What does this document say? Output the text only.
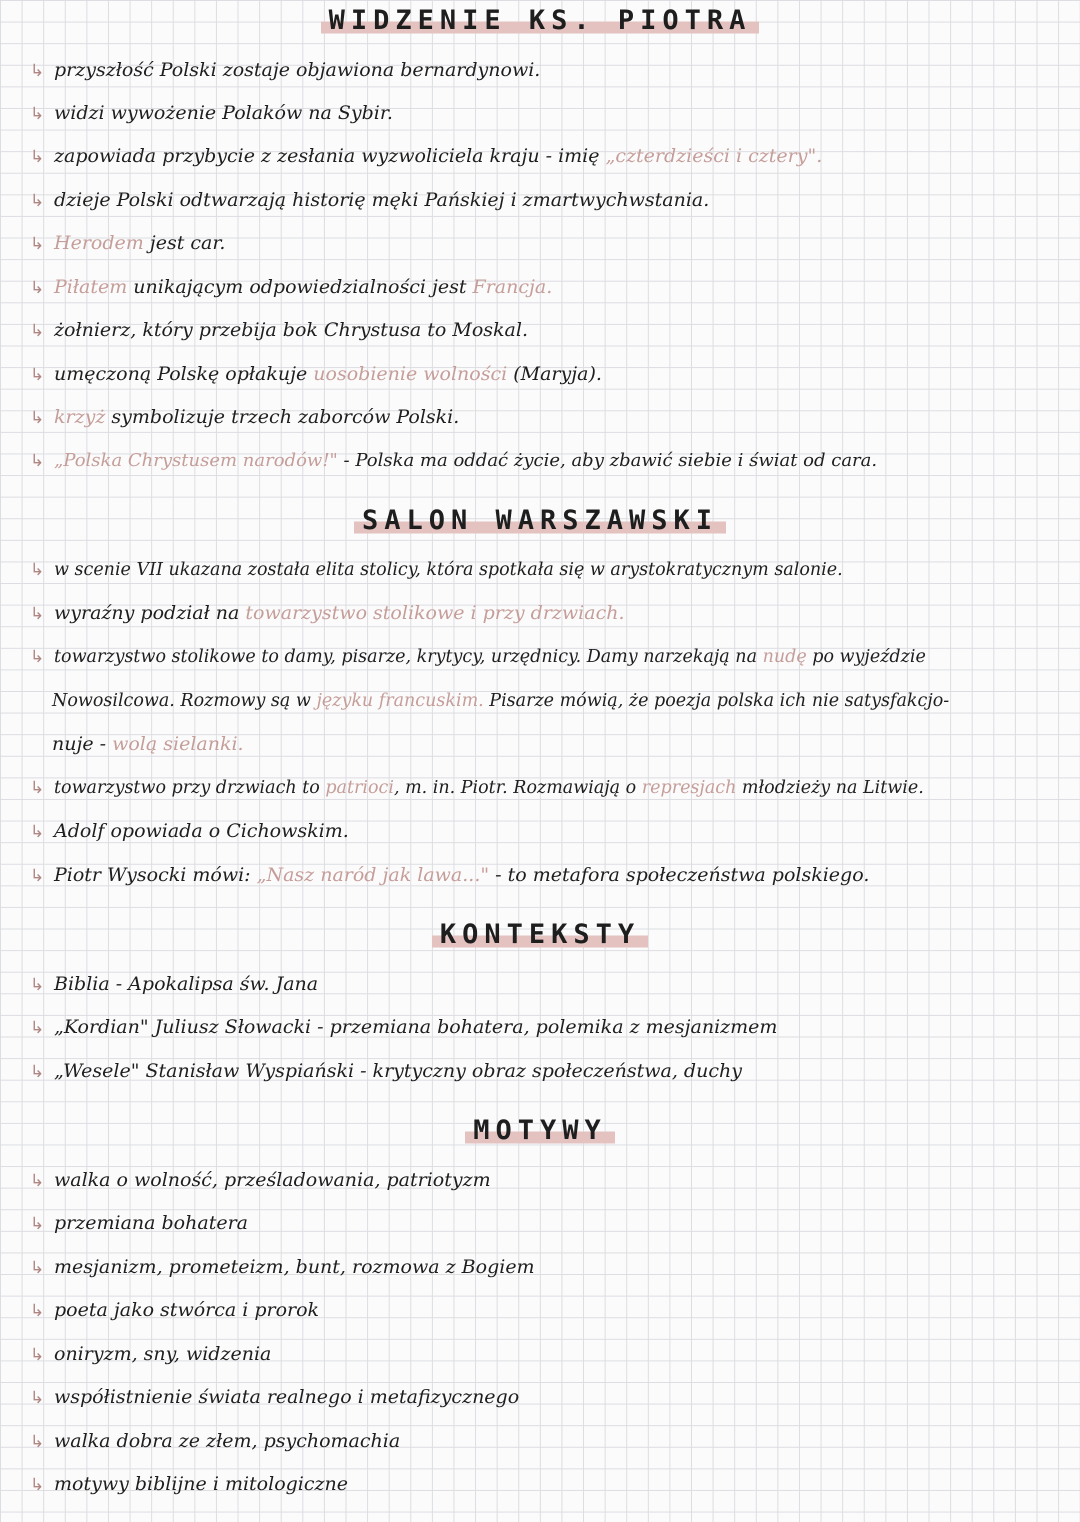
WIDZENIE KS. PIOTRA
↳ przyszłość Polski zostaje objawiona bernardynowi.
↳ widzi wywożenie Polaków na Sybir.
↳ zapowiada przybycie z zesłania wyzwoliciela kraju - imię „czterdzieści i cztery".
↳ dzieje Polski odtwarzają historię męki Pańskiej i zmartwychwstania.
↳ Herodem jest car.
↳ Piłatem unikającym odpowiedzialności jest Francja.
↳ żołnierz, który przebija bok Chrystusa to Moskal.
↳ umęczoną Polskę opłakuje uosobienie wolności (Maryja).
↳ krzyż symbolizuje trzech zaborców Polski.
↳ „Polska Chrystusem narodów!" - Polska ma oddać życie, aby zbawić siebie i świat od cara.
SALON WARSZAWSKI
↳ w scenie VII ukazana została elita stolicy, która spotkała się w arystokratycznym salonie.
↳ wyraźny podział na towarzystwo stolikowe i przy drzwiach.
↳ towarzystwo stolikowe to damy, pisarze, krytycy, urzędnicy. Damy narzekają na nudę po wyjeździe
Nowosilcowa. Rozmowy są w języku francuskim. Pisarze mówią, że poezja polska ich nie satysfakcjo-
nuje - wolą sielanki.
↳ towarzystwo przy drzwiach to patrioci, m. in. Piotr. Rozmawiają o represjach młodzieży na Litwie.
↳ Adolf opowiada o Cichowskim.
↳ Piotr Wysocki mówi: „Nasz naród jak lawa..." - to metafora społeczeństwa polskiego.
KONTEKSTY
↳ Biblia - Apokalipsa św. Jana
↳ „Kordian" Juliusz Słowacki - przemiana bohatera, polemika z mesjanizmem
↳ „Wesele" Stanisław Wyspiański - krytyczny obraz społeczeństwa, duchy
MOTYWY
↳ walka o wolność, prześladowania, patriotyzm
↳ przemiana bohatera
↳ mesjanizm, prometeizm, bunt, rozmowa z Bogiem
↳ poeta jako stwórca i prorok
↳ oniryzm, sny, widzenia
↳ współistnienie świata realnego i metafizycznego
↳ walka dobra ze złem, psychomachia
↳ motywy biblijne i mitologiczne
